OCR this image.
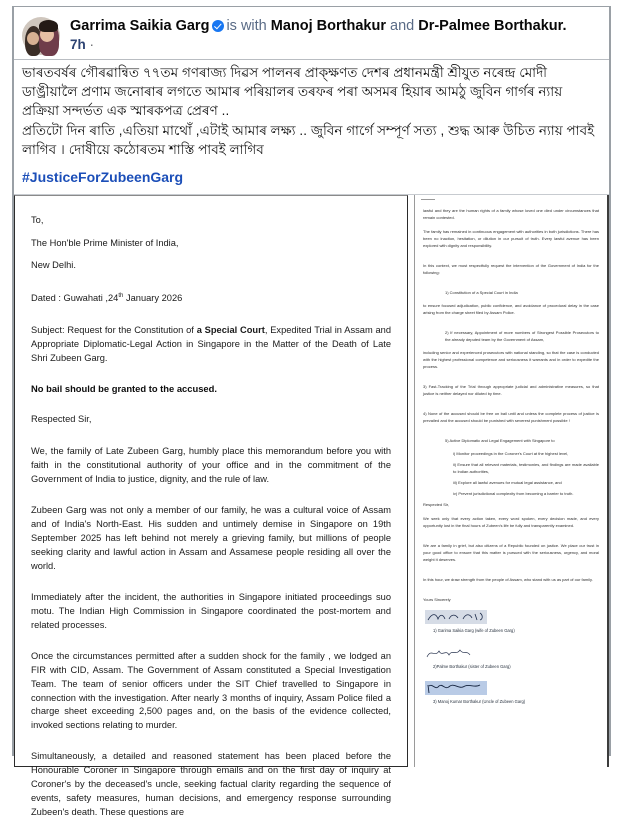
Garrima Saikia Garg is with Manoj Borthakur and Dr-Palmee Borthakur.
7h ·
ভাৰতবৰ্ষৰ গৌৰৱান্বিত ৭৭তম গণৰাজ্য দিৱস পালনৰ প্ৰাক্ক্ষণত দেশৰ প্ৰধানমন্ত্ৰী শ্ৰীযুত নৰেন্দ্ৰ মোদী ডাঙ্ৰীয়ালৈ প্ৰণাম জনোৰাৰ লগতে আমাৰ পৰিয়ালৰ তৰফৰ পৰা অসমৰ হিয়াৰ আমঠু জুবিন গাৰ্গৰ ন্যায় প্ৰক্ৰিয়া সন্দৰ্ভত এক স্মাৰকপত্ৰ প্ৰেৰণ ..
প্ৰতিটো দিন ৰাতি ,এতিয়া মাথোঁ ,এটাই আমাৰ লক্ষ্য .. জুবিন গাৰ্গে সম্পূৰ্ণ সত্য , শুদ্ধ আৰু উচিত ন্যায় পাবই লাগিব । দোষীয়ে কঠোৰতম শাস্তি পাবই লাগিব
#JusticeForZubeenGarg

To,

The Hon'ble Prime Minister of India,

New Delhi.

Dated : Guwahati ,24th January 2026

Subject: Request for the Constitution of a Special Court, Expedited Trial in Assam and Appropriate Diplomatic-Legal Action in Singapore in the Matter of the Death of Late Shri Zubeen Garg.

No bail should be granted to the accused.

Respected Sir,

We, the family of Late Zubeen Garg, humbly place this memorandum before you with faith in the constitutional authority of your office and in the commitment of the Government of India to justice, dignity, and the rule of law.

Zubeen Garg was not only a member of our family, he was a cultural voice of Assam and of India's North-East. His sudden and untimely demise in Singapore on 19th September 2025 has left behind not merely a grieving family, but millions of people seeking clarity and lawful action in Assam and Assamese people residing all over the world.

Immediately after the incident, the authorities in Singapore initiated proceedings suo motu. The Indian High Commission in Singapore coordinated the post-mortem and related processes.

Once the circumstances permitted after a sudden shock for the family , we lodged an FIR with CID, Assam. The Government of Assam constituted a Special Investigation Team. The team of senior officers under the SIT Chief travelled to Singapore in connection with the investigation. After nearly 3 months of inquiry, Assam Police filed a charge sheet exceeding 2,500 pages and, on the basis of the evidence collected, invoked sections relating to murder.

Simultaneously, a detailed and reasoned statement has been placed before the Honourable Coroner in Singapore through emails and on the first day of inquiry at Coroner's by the deceased's uncle, seeking factual clarity regarding the sequence of events, safety measures, human decisions, and emergency response surrounding Zubeen's death. These questions are

lawful and they are the human rights of a family whose loved one died under circumstances that remain contested.

The family has remained in continuous engagement with authorities in both jurisdictions. There has been no inaction, hesitation, or dilution in our pursuit of truth. Every lawful avenue has been explored with dignity and responsibility.

In this context, we most respectfully request the intervention of the Government of India for the following:

1) Constitution of a Special Court in India

to ensure focused adjudication, public confidence, and avoidance of procedural delay in the case arising from the charge sheet filed by Assam Police.

2) If necessary, Appointment of more numbers of Strongest Possible Prosecutors to the already deputed team by the Government of Assam,

including senior and experienced prosecutors with national standing, so that the case is conducted with the highest professional competence and seriousness it warrants and in order to expedite the process.

3) Fast-Tracking of the Trial through appropriate judicial and administrative measures, so that justice is neither delayed nor diluted by time.

4) None of the accused should be free on bail until and unless the complete process of justice is prevailed and the accused should be punished with severest punishment possible !

5) Active Diplomatic and Legal Engagement with Singapore to

i) Monitor proceedings in the Coroner's Court at the highest level,

ii) Ensure that all relevant materials, testimonies, and findings are made available to Indian authorities,

iii) Explore all lawful avenues for mutual legal assistance, and

iv) Prevent jurisdictional complexity from becoming a barrier to truth.

Respected Sir,

We seek only that every action taken, every word spoken, every decision made, and every opportunity lost in the final hours of Zubeen's life be fully and transparently examined.

We are a family in grief, but also citizens of a Republic founded on justice. We place our trust in your good office to ensure that this matter is pursued with the seriousness, urgency, and moral weight it deserves.

In this hour, we draw strength from the people of Assam, who stand with us as part of our family.

Yours Sincerely

1) Garima Saikia Garg (wife of Zubeen Garg)

2)Palme Borthakur (sister of Zubeen Garg)

3) Manoj Kumar Borthakur (Uncle of Zubeen Garg)
